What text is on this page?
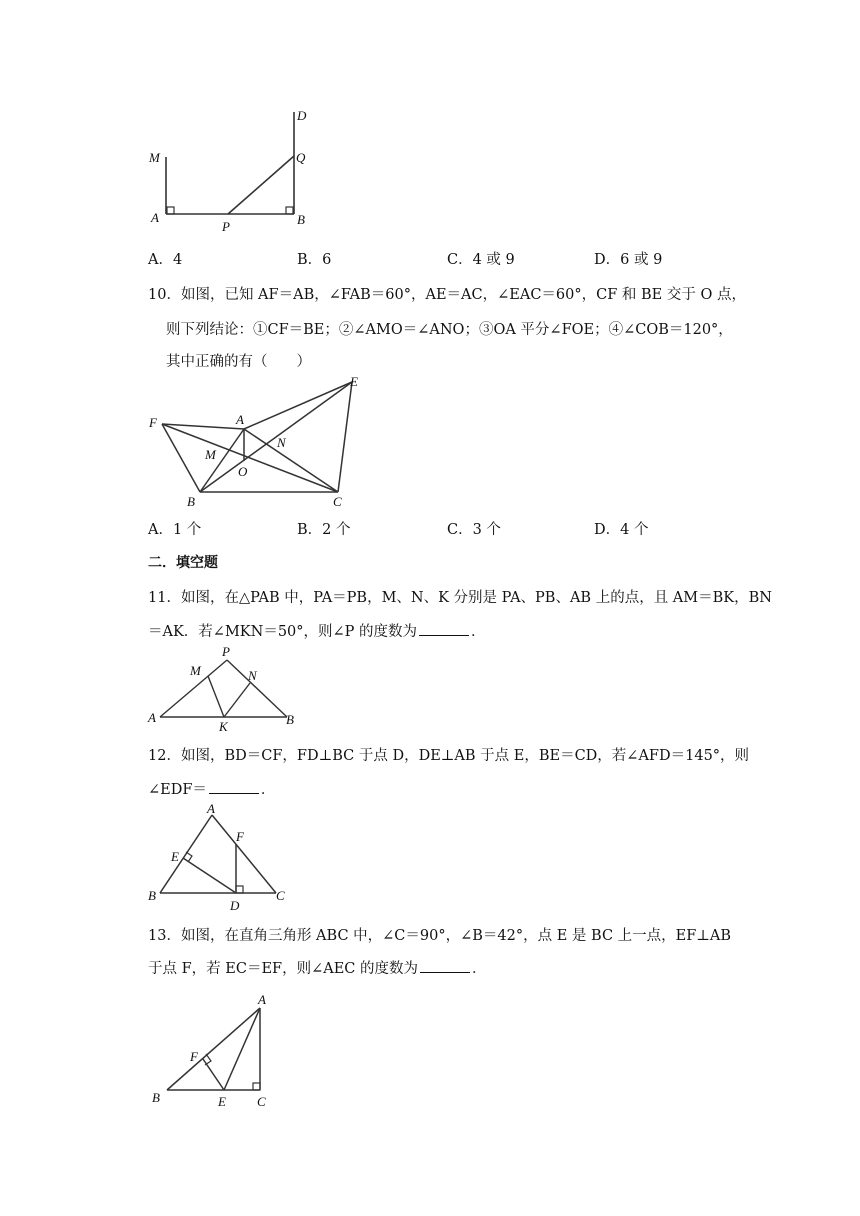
D
M	Q
A	B
P
A．4	B．6	C．4 或 9	D．6 或 9
10．如图，已知 AF＝AB，∠FAB＝60°，AE＝AC，∠EAC＝60°，CF 和 BE 交于 O 点，
则下列结论：①CF＝BE；②∠AMO＝∠ANO；③OA 平分∠FOE；④∠COB＝120°，
其中正确的有（　　）
E
A
F
N
M
O
B	C
A．1 个	B．2 个	C．3 个	D．4 个
二．填空题
11．如图，在△PAB 中，PA＝PB，M、N、K 分别是 PA、PB、AB 上的点，且 AM＝BK，BN
＝AK．若∠MKN＝50°，则∠P 的度数为	．
P
M	N
A
K	B
12．如图，BD＝CF，FD⊥BC 于点 D，DE⊥AB 于点 E，BE＝CD，若∠AFD＝145°，则
∠EDF＝	．
A
F
E
B
D
C
13．如图，在直角三角形 ABC 中，∠C＝90°，∠B＝42°，点 E 是 BC 上一点，EF⊥AB
于点 F，若 EC＝EF，则∠AEC 的度数为	．
A
F
B	E C
